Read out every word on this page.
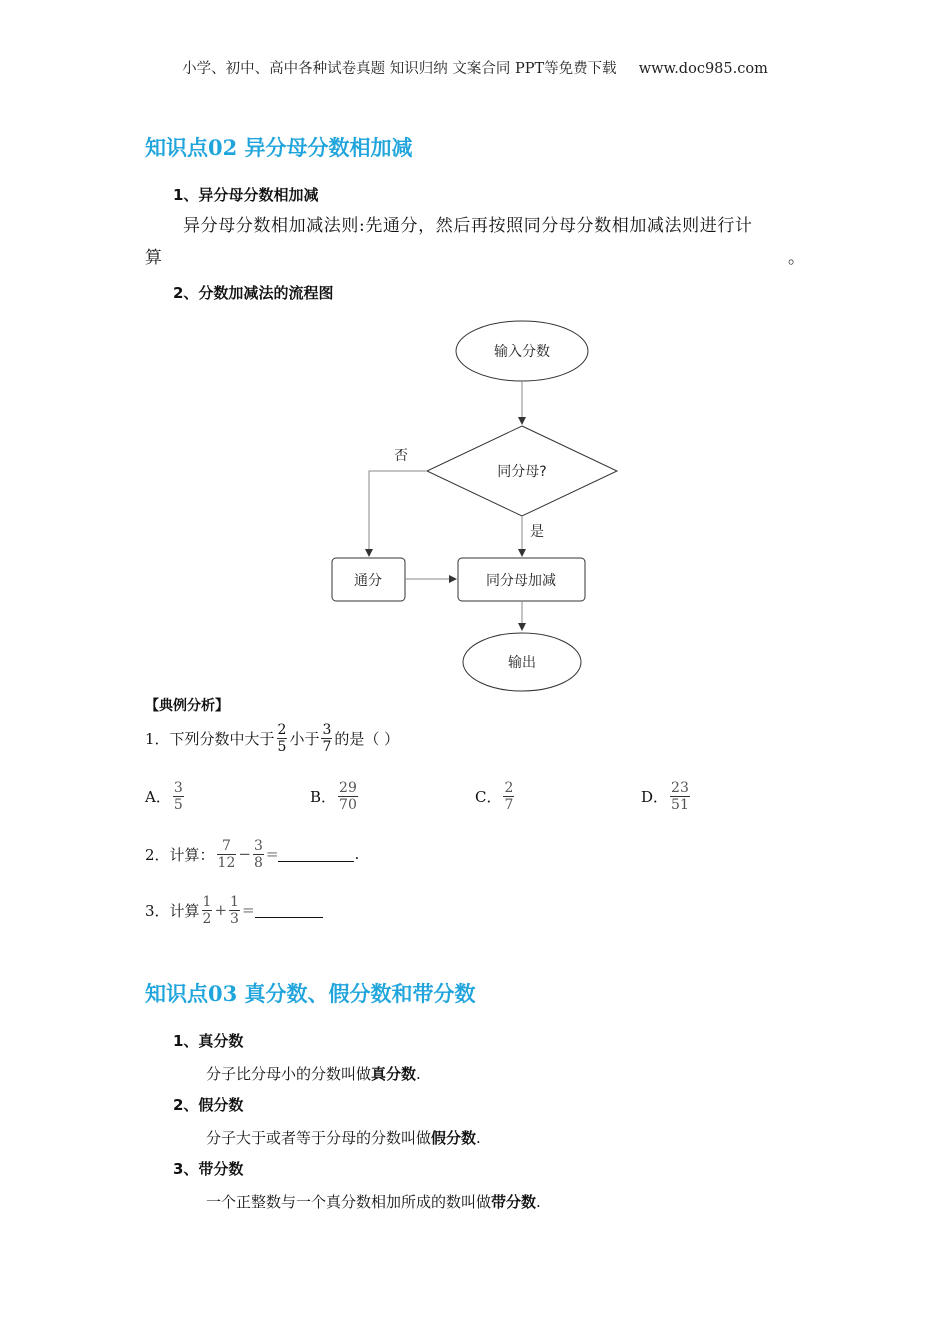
小学、初中、高中各种试卷真题 知识归纳 文案合同 PPT等免费下载 www.doc985.com
知识点02 异分母分数相加减
1、异分母分数相加减
异分母分数相加减法则:先通分，然后再按照同分母分数相加减法则进行计
算	。
2、分数加减法的流程图
输入分数
同分母?
否
是
通分	同分母加减
输出
【典例分析】
1．下列分数中大于 $\frac{2}{5}$ 小于 $\frac{3}{7}$ 的是（ ）
A． $\frac{3}{5}$	B． $\frac{29}{70}$	C． $\frac{2}{7}$	D． $\frac{23}{51}$
2．计算： $\frac{7}{12} - \frac{3}{8}$ =	.
3．计算 $\frac{1}{2} + \frac{1}{3}$ =
知识点03 真分数、假分数和带分数
1、真分数
分子比分母小的分数叫做真分数.
2、假分数
分子大于或者等于分母的分数叫做假分数.
3、带分数
一个正整数与一个真分数相加所成的数叫做带分数.
